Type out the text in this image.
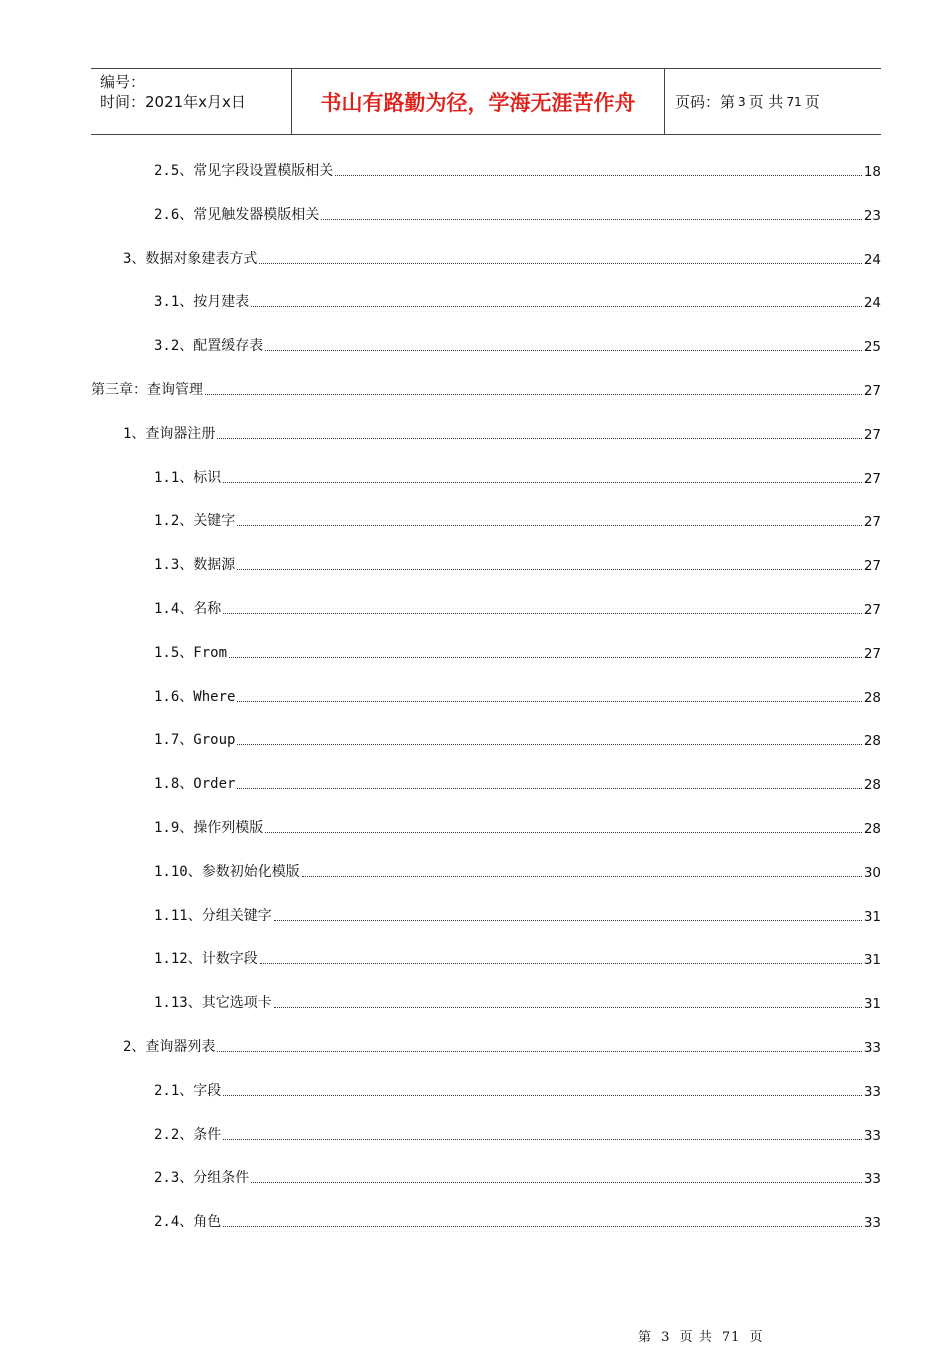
编号：
时间：2021年x月x日	书山有路勤为径，学海无涯苦作舟	页码：第 3 页 共 71 页
2.5、常见字段设置模版相关	18
2.6、常见触发器模版相关	23
3、数据对象建表方式	24
3.1、按月建表	24
3.2、配置缓存表	25
第三章：查询管理	27
1、查询器注册	27
1.1、标识	27
1.2、关键字	27
1.3、数据源	27
1.4、名称	27
1.5、From	27
1.6、Where	28
1.7、Group	28
1.8、Order	28
1.9、操作列模版	28
1.10、参数初始化模版	30
1.11、分组关键字	31
1.12、计数字段	31
1.13、其它选项卡	31
2、查询器列表	33
2.1、字段	33
2.2、条件	33
2.3、分组条件	33
2.4、角色	33
第 3 页 共 71 页
